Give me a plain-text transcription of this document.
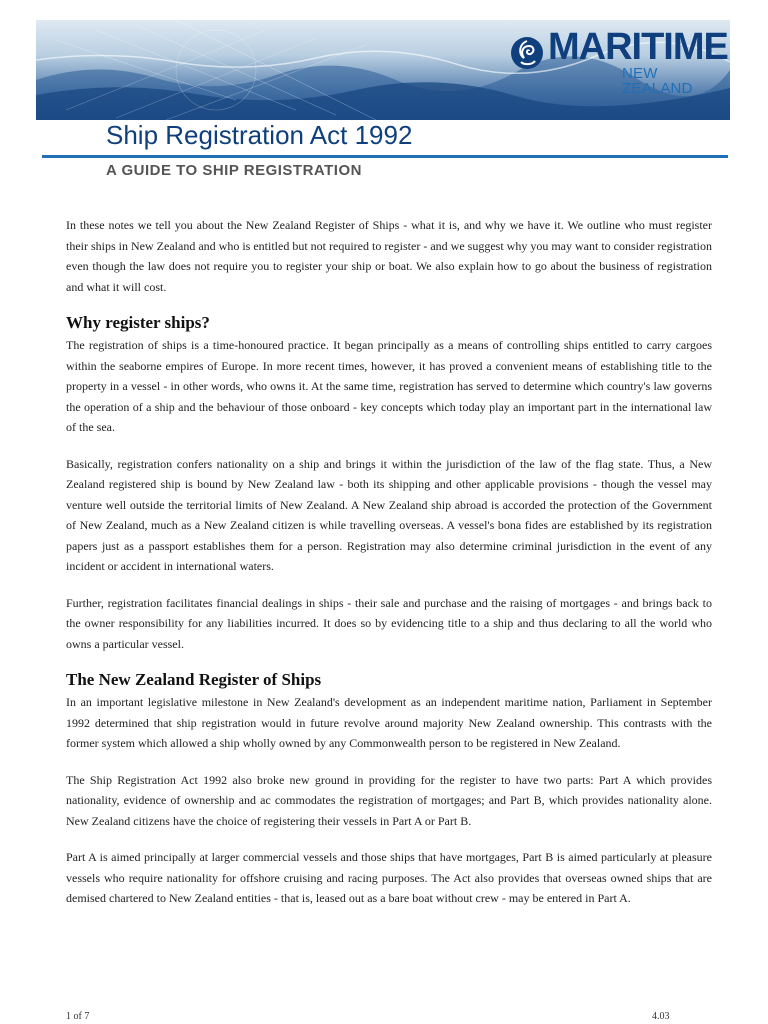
MARITIME
NEW ZEALAND
Ship Registration Act 1992
A GUIDE TO SHIP REGISTRATION

In these notes we tell you about the New Zealand Register of Ships - what it is, and why we have it. We outline who must register their ships in New Zealand and who is entitled but not required to register - and we suggest why you may want to consider registration even though the law does not require you to register your ship or boat. We also explain how to go about the business of registration and what it will cost.

Why register ships?

The registration of ships is a time-honoured practice. It began principally as a means of controlling ships entitled to carry cargoes within the seaborne empires of Europe. In more recent times, however, it has proved a convenient means of establishing title to the property in a vessel - in other words, who owns it. At the same time, registration has served to determine which country's law governs the operation of a ship and the behaviour of those onboard - key concepts which today play an important part in the international law of the sea.

Basically, registration confers nationality on a ship and brings it within the jurisdiction of the law of the flag state. Thus, a New Zealand registered ship is bound by New Zealand law - both its shipping and other applicable provisions - though the vessel may venture well outside the territorial limits of New Zealand. A New Zealand ship abroad is accorded the protection of the Government of New Zealand, much as a New Zealand citizen is while travelling overseas. A vessel's bona fides are established by its registration papers just as a passport establishes them for a person. Registration may also determine criminal jurisdiction in the event of any incident or accident in international waters.

Further, registration facilitates financial dealings in ships - their sale and purchase and the raising of mortgages - and brings back to the owner responsibility for any liabilities incurred. It does so by evidencing title to a ship and thus declaring to all the world who owns a particular vessel.

The New Zealand Register of Ships

In an important legislative milestone in New Zealand's development as an independent maritime nation, Parliament in September 1992 determined that ship registration would in future revolve around majority New Zealand ownership. This contrasts with the former system which allowed a ship wholly owned by any Commonwealth person to be registered in New Zealand.

The Ship Registration Act 1992 also broke new ground in providing for the register to have two parts: Part A which provides nationality, evidence of ownership and ac commodates the registration of mortgages; and Part B, which provides nationality alone. New Zealand citizens have the choice of registering their vessels in Part A or Part B.

Part A is aimed principally at larger commercial vessels and those ships that have mortgages, Part B is aimed particularly at pleasure vessels who require nationality for offshore cruising and racing purposes. The Act also provides that overseas owned ships that are demised chartered to New Zealand entities - that is, leased out as a bare boat without crew - may be entered in Part A.

1 of 7	4.03
